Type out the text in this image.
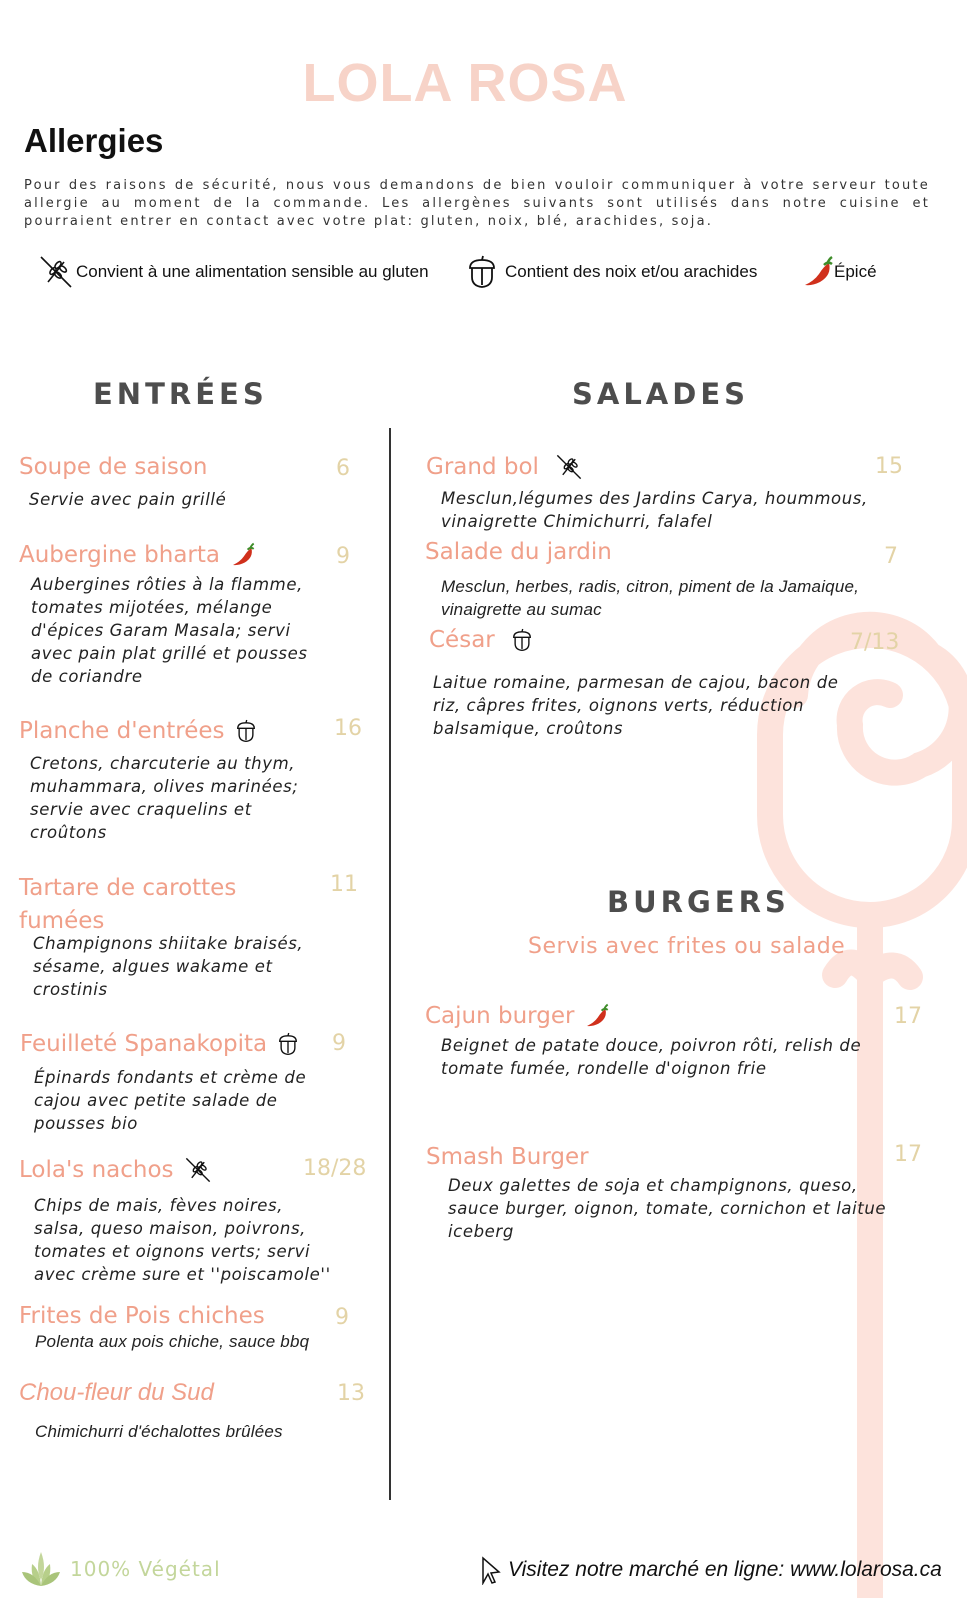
LOLA ROSA
Allergies
Pour des raisons de sécurité, nous vous demandons de bien vouloir communiquer à votre serveur toute allergie au moment de la commande. Les allergènes suivants sont utilisés dans notre cuisine et pourraient entrer en contact avec votre plat: gluten, noix, blé, arachides, soja.
Convient à une alimentation sensible au gluten	Contient des noix et/ou arachides	Épicé
ENTRÉES	SALADES
Soupe de saison	6
Servie avec pain grillé
Aubergine bharta	9
Aubergines rôties à la flamme, tomates mijotées, mélange d'épices Garam Masala; servi avec pain plat grillé et pousses de coriandre
Planche d'entrées	16
Cretons, charcuterie au thym, muhammara, olives marinées; servie avec craquelins et croûtons
Tartare de carottes fumées
11
Champignons shiitake braisés, sésame, algues wakame et crostinis
Feuilleté Spanakopita	9
Épinards fondants et crème de cajou avec petite salade de pousses bio
Lola's nachos	18/28
Chips de mais, fèves noires, salsa, queso maison, poivrons, tomates et oignons verts; servi avec crème sure et ''poiscamole''
Frites de Pois chiches	9
Polenta aux pois chiche, sauce bbq
Chou-fleur du Sud	13
Chimichurri d'échalottes brûlées
Grand bol	15
Mesclun,légumes des Jardins Carya, hoummous, vinaigrette Chimichurri, falafel
Salade du jardin	7
Mesclun, herbes, radis, citron, piment de la Jamaique, vinaigrette au sumac
César	7/13
Laitue romaine, parmesan de cajou, bacon de riz, câpres frites, oignons verts, réduction balsamique, croûtons
BURGERS
Servis avec frites ou salade
Cajun burger	17
Beignet de patate douce, poivron rôti, relish de tomate fumée, rondelle d'oignon frie
Smash Burger	17
Deux galettes de soja et champignons, queso, sauce burger, oignon, tomate, cornichon et laitue iceberg
100% Végétal	Visitez notre marché en ligne: www.lolarosa.ca
